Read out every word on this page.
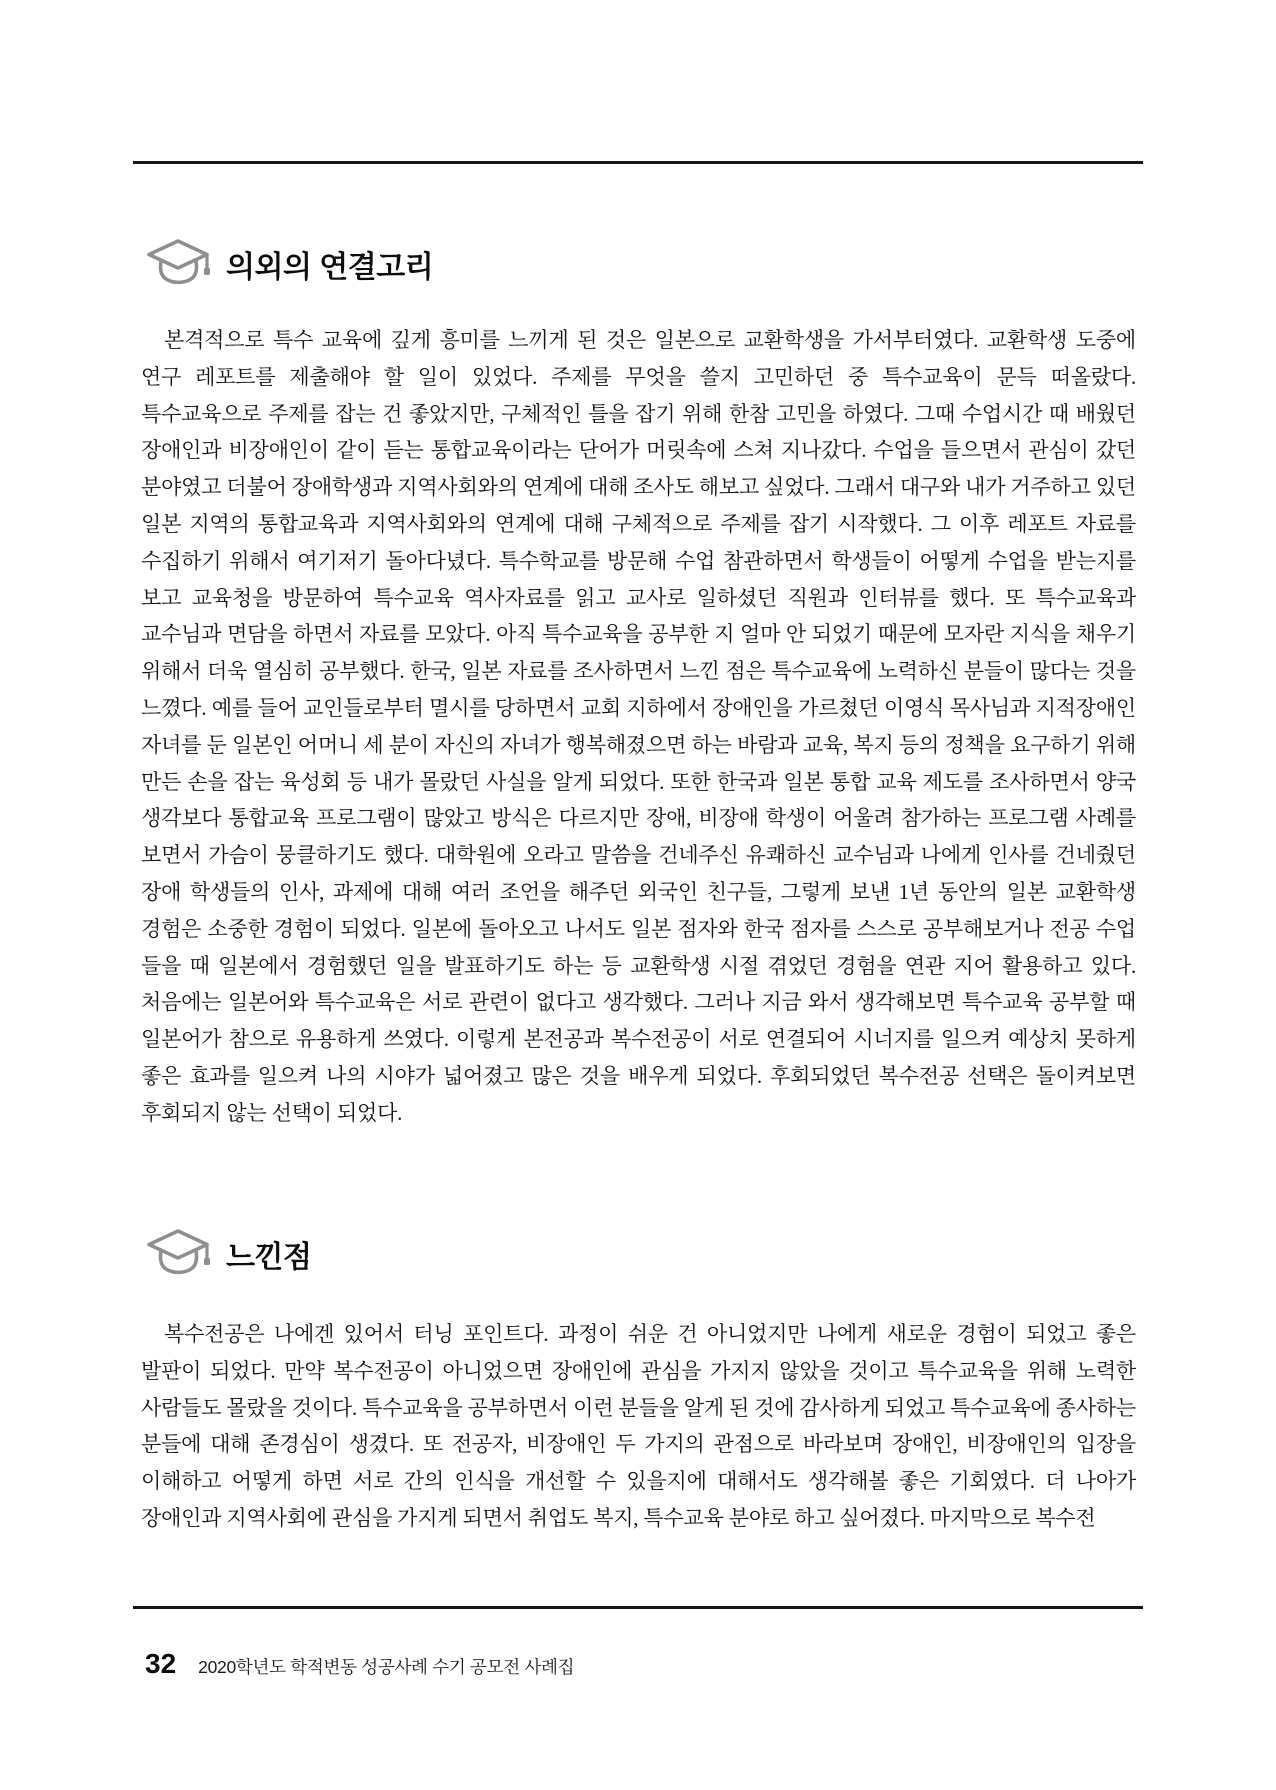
의외의 연결고리

본격적으로 특수 교육에 깊게 흥미를 느끼게 된 것은 일본으로 교환학생을 가서부터였다. 교환학생 도중에 연구 레포트를 제출해야 할 일이 있었다. 주제를 무엇을 쓸지 고민하던 중 특수교육이 문득 떠올랐다. 특수교육으로 주제를 잡는 건 좋았지만, 구체적인 틀을 잡기 위해 한참 고민을 하였다. 그때 수업시간 때 배웠던 장애인과 비장애인이 같이 듣는 통합교육이라는 단어가 머릿속에 스쳐 지나갔다. 수업을 들으면서 관심이 갔던 분야였고 더불어 장애학생과 지역사회와의 연계에 대해 조사도 해보고 싶었다. 그래서 대구와 내가 거주하고 있던 일본 지역의 통합교육과 지역사회와의 연계에 대해 구체적으로 주제를 잡기 시작했다. 그 이후 레포트 자료를 수집하기 위해서 여기저기 돌아다녔다. 특수학교를 방문해 수업 참관하면서 학생들이 어떻게 수업을 받는지를 보고 교육청을 방문하여 특수교육 역사자료를 읽고 교사로 일하셨던 직원과 인터뷰를 했다. 또 특수교육과 교수님과 면담을 하면서 자료를 모았다. 아직 특수교육을 공부한 지 얼마 안 되었기 때문에 모자란 지식을 채우기 위해서 더욱 열심히 공부했다. 한국, 일본 자료를 조사하면서 느낀 점은 특수교육에 노력하신 분들이 많다는 것을 느꼈다. 예를 들어 교인들로부터 멸시를 당하면서 교회 지하에서 장애인을 가르쳤던 이영식 목사님과 지적장애인 자녀를 둔 일본인 어머니 세 분이 자신의 자녀가 행복해졌으면 하는 바람과 교육, 복지 등의 정책을 요구하기 위해 만든 손을 잡는 육성회 등 내가 몰랐던 사실을 알게 되었다. 또한 한국과 일본 통합 교육 제도를 조사하면서 양국 생각보다 통합교육 프로그램이 많았고 방식은 다르지만 장애, 비장애 학생이 어울려 참가하는 프로그램 사례를 보면서 가슴이 뭉클하기도 했다. 대학원에 오라고 말씀을 건네주신 유쾌하신 교수님과 나에게 인사를 건네줬던 장애 학생들의 인사, 과제에 대해 여러 조언을 해주던 외국인 친구들, 그렇게 보낸 1년 동안의 일본 교환학생 경험은 소중한 경험이 되었다. 일본에 돌아오고 나서도 일본 점자와 한국 점자를 스스로 공부해보거나 전공 수업 들을 때 일본에서 경험했던 일을 발표하기도 하는 등 교환학생 시절 겪었던 경험을 연관 지어 활용하고 있다. 처음에는 일본어와 특수교육은 서로 관련이 없다고 생각했다. 그러나 지금 와서 생각해보면 특수교육 공부할 때 일본어가 참으로 유용하게 쓰였다. 이렇게 본전공과 복수전공이 서로 연결되어 시너지를 일으켜 예상치 못하게 좋은 효과를 일으켜 나의 시야가 넓어졌고 많은 것을 배우게 되었다. 후회되었던 복수전공 선택은 돌이켜보면 후회되지 않는 선택이 되었다.

느낀점

복수전공은 나에겐 있어서 터닝 포인트다. 과정이 쉬운 건 아니었지만 나에게 새로운 경험이 되었고 좋은 발판이 되었다. 만약 복수전공이 아니었으면 장애인에 관심을 가지지 않았을 것이고 특수교육을 위해 노력한 사람들도 몰랐을 것이다. 특수교육을 공부하면서 이런 분들을 알게 된 것에 감사하게 되었고 특수교육에 종사하는 분들에 대해 존경심이 생겼다. 또 전공자, 비장애인 두 가지의 관점으로 바라보며 장애인, 비장애인의 입장을 이해하고 어떻게 하면 서로 간의 인식을 개선할 수 있을지에 대해서도 생각해볼 좋은 기회였다. 더 나아가 장애인과 지역사회에 관심을 가지게 되면서 취업도 복지, 특수교육 분야로 하고 싶어졌다. 마지막으로 복수전

32 2020학년도 학적변동 성공사례 수기 공모전 사례집
